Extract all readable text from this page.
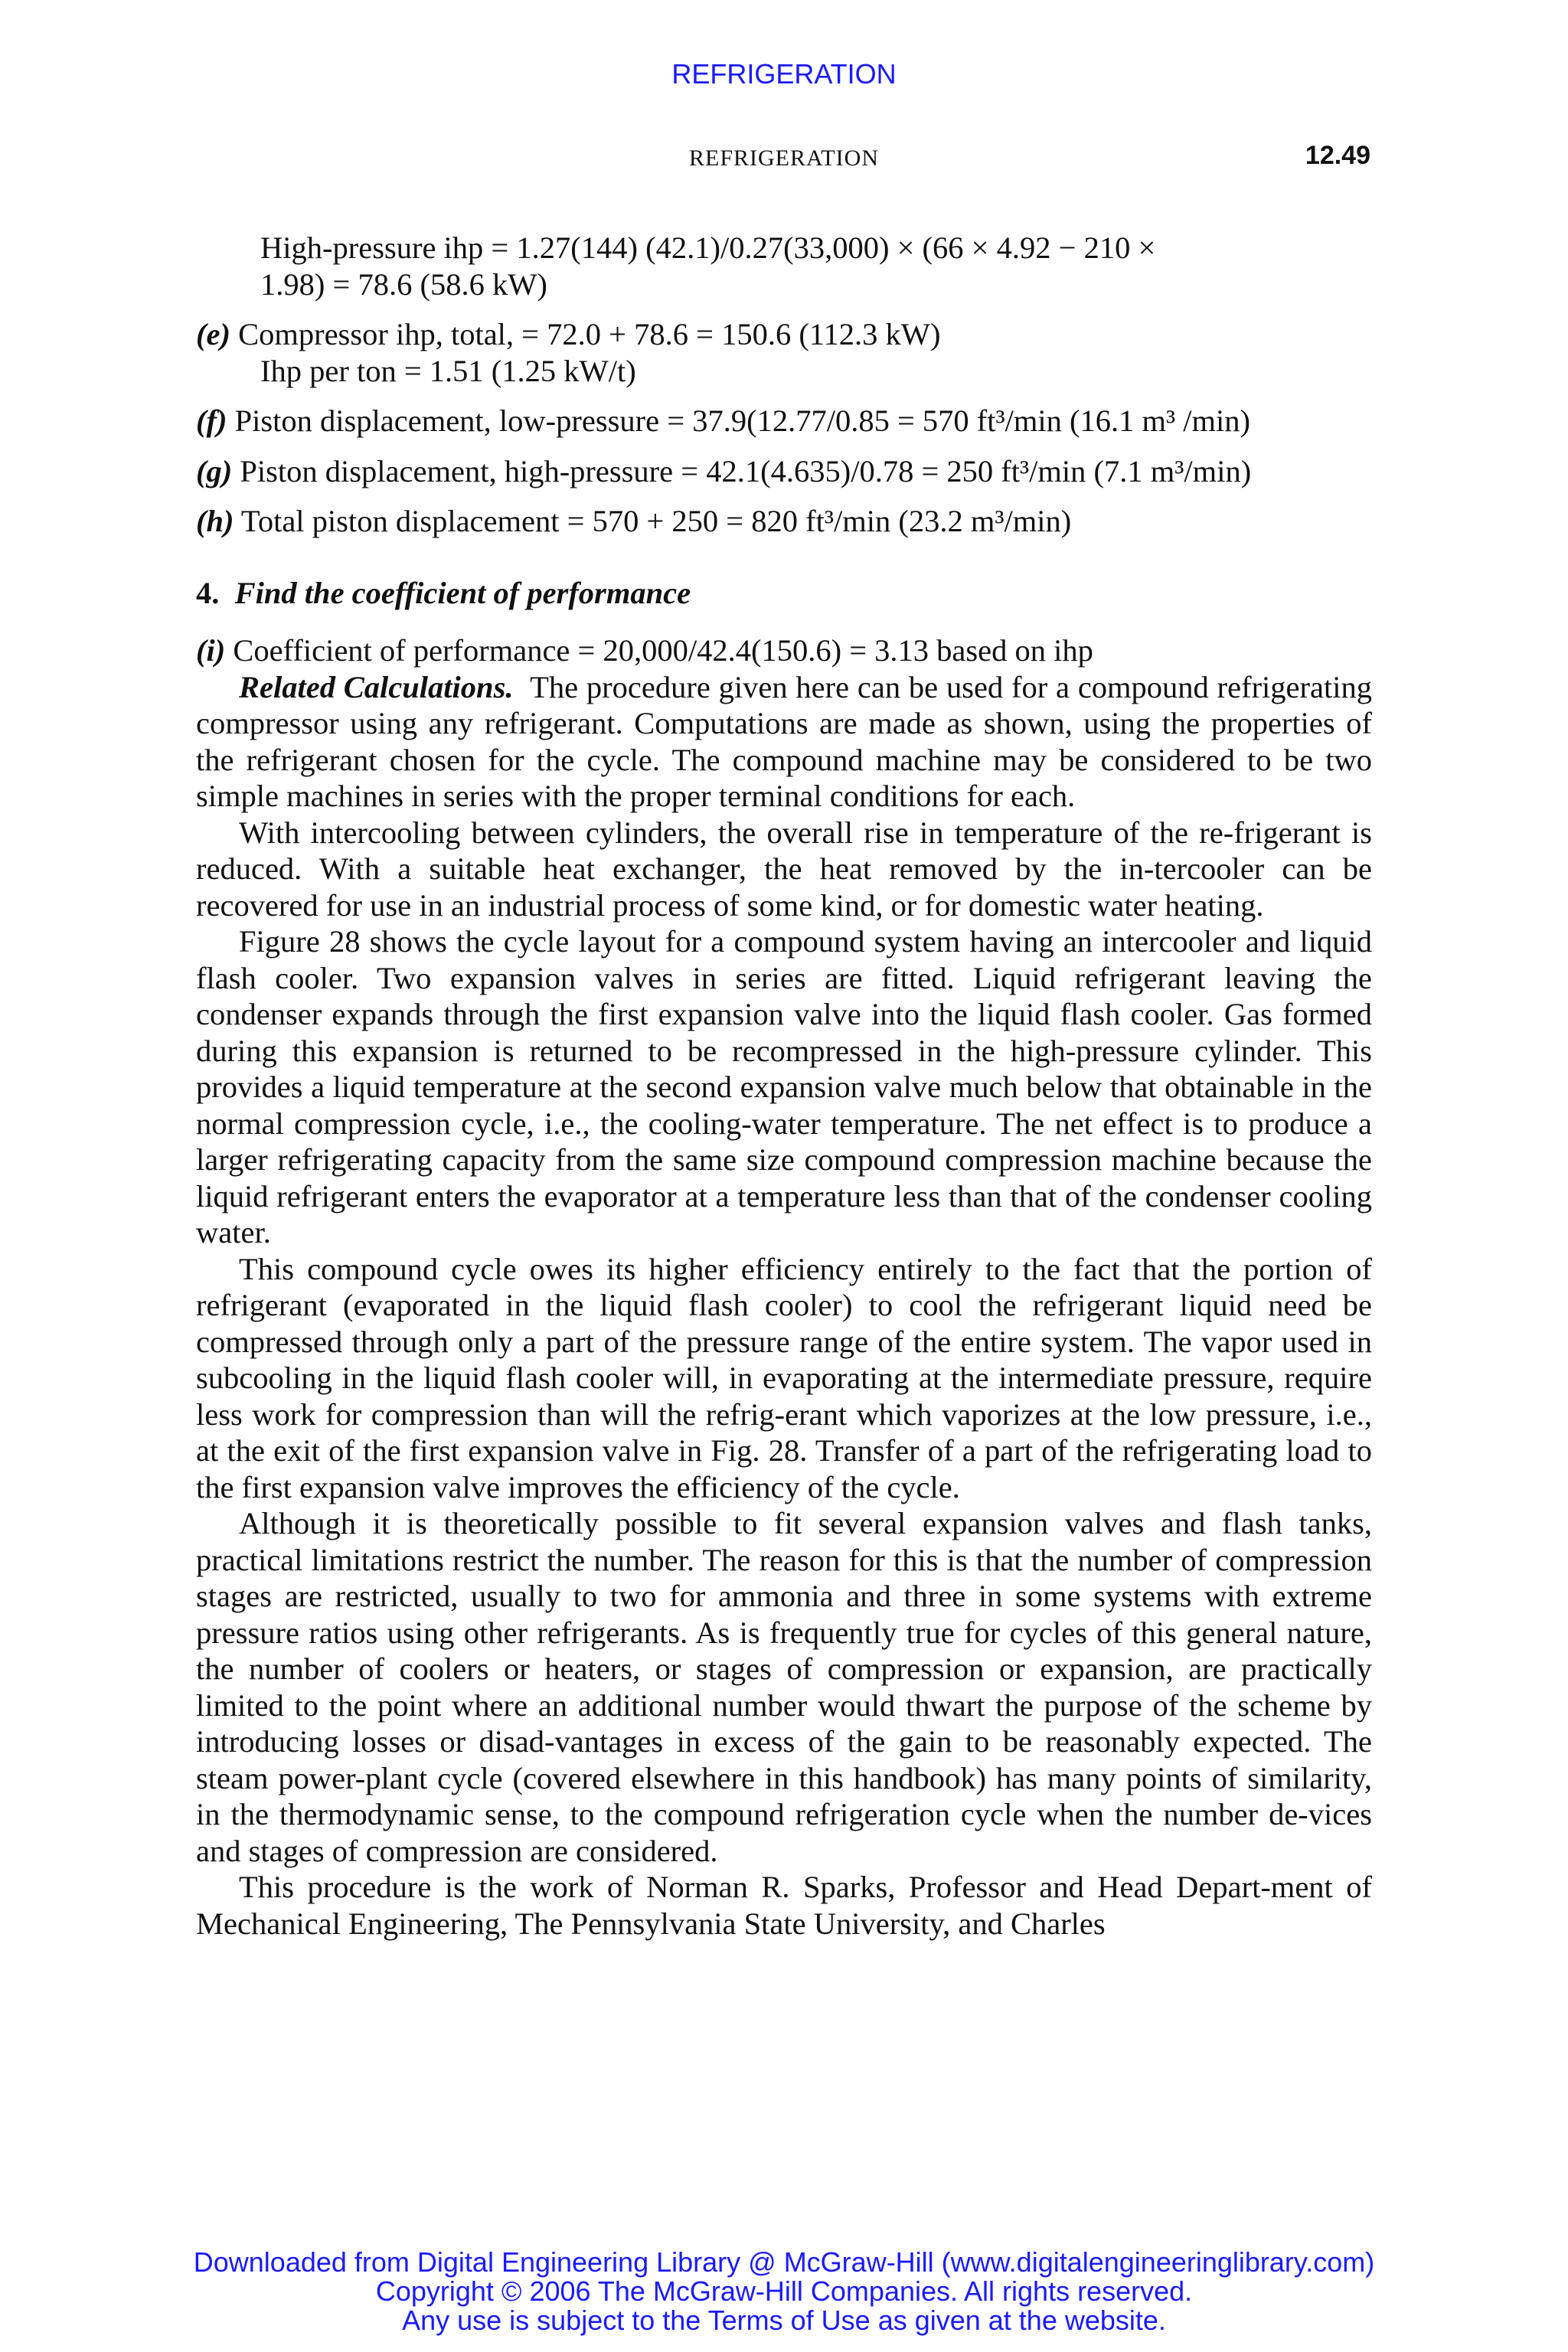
REFRIGERATION
REFRIGERATION	12.49

High-pressure ihp = 1.27(144) (42.1)/0.27(33,000) × (66 × 4.92 − 210 ×

1.98) = 78.6 (58.6 kW)

(e) Compressor ihp, total, = 72.0 + 78.6 = 150.6 (112.3 kW)

Ihp per ton = 1.51 (1.25 kW/t)

(f) Piston displacement, low-pressure = 37.9(12.77/0.85 = 570 ft³/min (16.1 m³ /min)

(g) Piston displacement, high-pressure = 42.1(4.635)/0.78 = 250 ft³/min (7.1 m³/min)

(h) Total piston displacement = 570 + 250 = 820 ft³/min (23.2 m³/min)

4. Find the coefficient of performance

(i) Coefficient of performance = 20,000/42.4(150.6) = 3.13 based on ihp

Related Calculations. The procedure given here can be used for a compound refrigerating compressor using any refrigerant. Computations are made as shown, using the properties of the refrigerant chosen for the cycle. The compound machine may be considered to be two simple machines in series with the proper terminal conditions for each.

With intercooling between cylinders, the overall rise in temperature of the re-frigerant is reduced. With a suitable heat exchanger, the heat removed by the in-tercooler can be recovered for use in an industrial process of some kind, or for domestic water heating.

Figure 28 shows the cycle layout for a compound system having an intercooler and liquid flash cooler. Two expansion valves in series are fitted. Liquid refrigerant leaving the condenser expands through the first expansion valve into the liquid flash cooler. Gas formed during this expansion is returned to be recompressed in the high-pressure cylinder. This provides a liquid temperature at the second expansion valve much below that obtainable in the normal compression cycle, i.e., the cooling-water temperature. The net effect is to produce a larger refrigerating capacity from the same size compound compression machine because the liquid refrigerant enters the evaporator at a temperature less than that of the condenser cooling water.

This compound cycle owes its higher efficiency entirely to the fact that the portion of refrigerant (evaporated in the liquid flash cooler) to cool the refrigerant liquid need be compressed through only a part of the pressure range of the entire system. The vapor used in subcooling in the liquid flash cooler will, in evaporating at the intermediate pressure, require less work for compression than will the refrig-erant which vaporizes at the low pressure, i.e., at the exit of the first expansion valve in Fig. 28. Transfer of a part of the refrigerating load to the first expansion valve improves the efficiency of the cycle.

Although it is theoretically possible to fit several expansion valves and flash tanks, practical limitations restrict the number. The reason for this is that the number of compression stages are restricted, usually to two for ammonia and three in some systems with extreme pressure ratios using other refrigerants. As is frequently true for cycles of this general nature, the number of coolers or heaters, or stages of compression or expansion, are practically limited to the point where an additional number would thwart the purpose of the scheme by introducing losses or disad-vantages in excess of the gain to be reasonably expected. The steam power-plant cycle (covered elsewhere in this handbook) has many points of similarity, in the thermodynamic sense, to the compound refrigeration cycle when the number de-vices and stages of compression are considered.

This procedure is the work of Norman R. Sparks, Professor and Head Depart-ment of Mechanical Engineering, The Pennsylvania State University, and Charles

Downloaded from Digital Engineering Library @ McGraw-Hill (www.digitalengineeringlibrary.com)
Copyright © 2006 The McGraw-Hill Companies. All rights reserved.
Any use is subject to the Terms of Use as given at the website.
